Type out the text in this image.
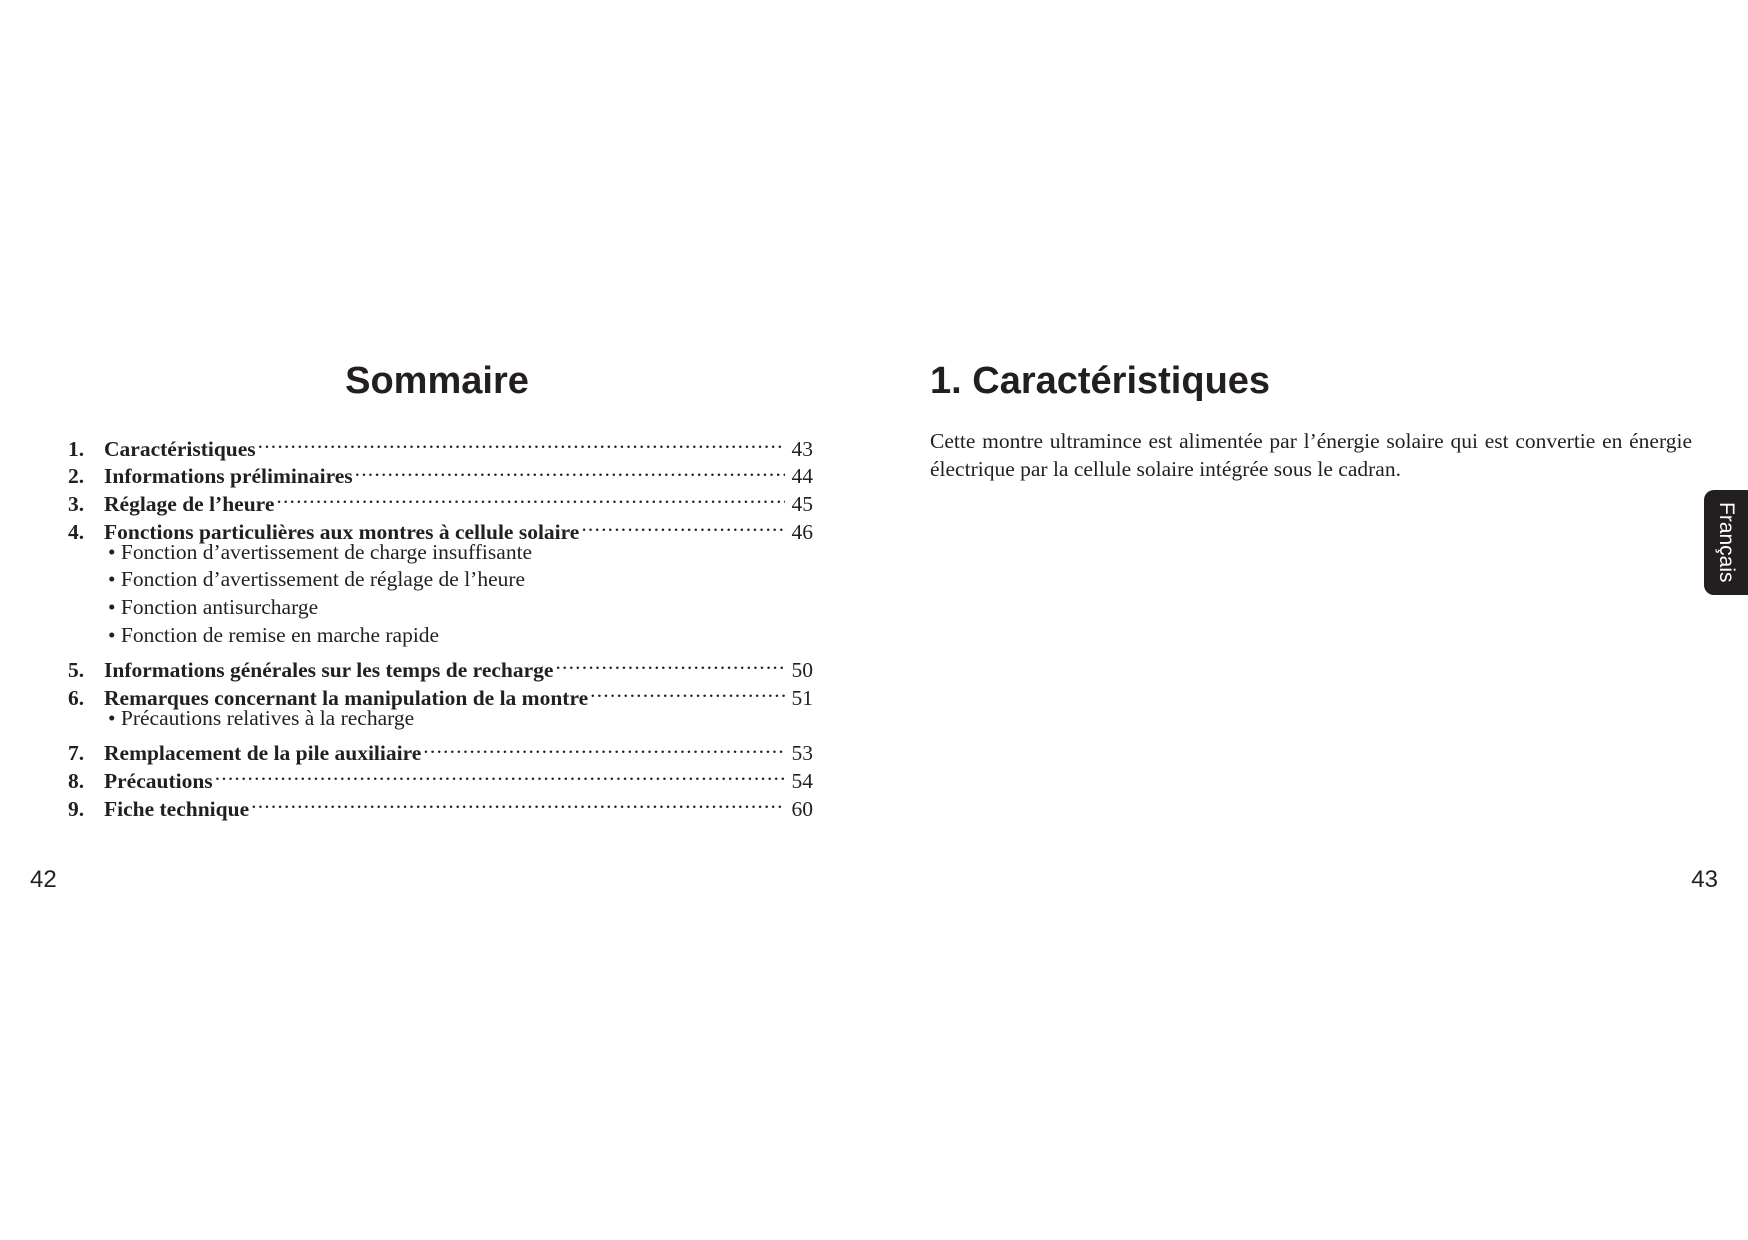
Sommaire
1. Caractéristiques .....	43
2. Informations préliminaires .....	44
3. Réglage de l’heure .....	45
4. Fonctions particulières aux montres à cellule solaire .....	46
• Fonction d’avertissement de charge insuffisante
• Fonction d’avertissement de réglage de l’heure
• Fonction antisurcharge
• Fonction de remise en marche rapide
5. Informations générales sur les temps de recharge .....	50
6. Remarques concernant la manipulation de la montre .....	51
• Précautions relatives à la recharge
7. Remplacement de la pile auxiliaire .....	53
8. Précautions .....	54
9. Fiche technique .....	60
42
1. Caractéristiques

Cette montre ultramince est alimentée par l’énergie solaire qui est convertie en énergie électrique par la cellule solaire intégrée sous le cadran.

43
Français
